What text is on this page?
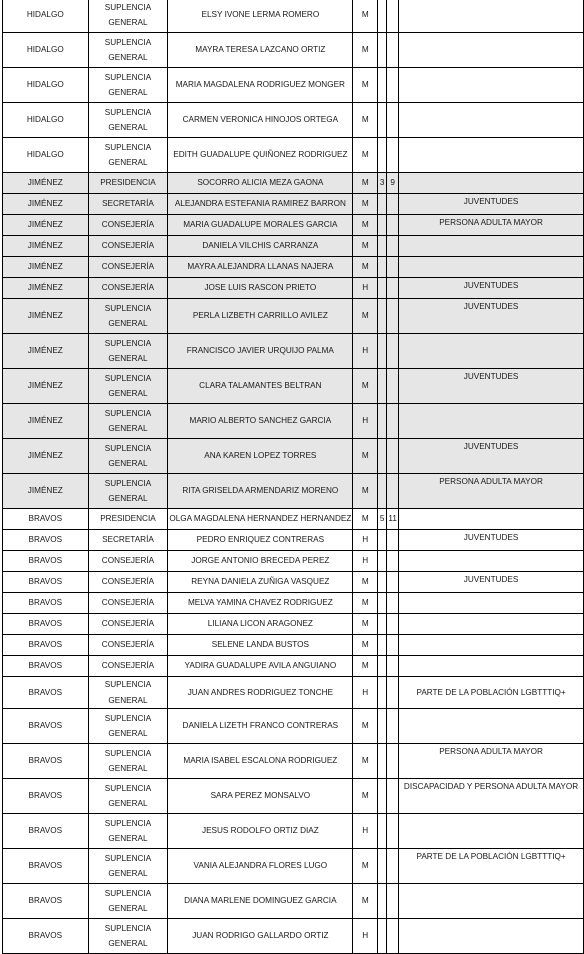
HIDALGO	SUPLENCIA GENERAL	ELSY IVONE LERMA ROMERO	M			
HIDALGO	SUPLENCIA GENERAL	MAYRA TERESA LAZCANO ORTIZ	M			
HIDALGO	SUPLENCIA GENERAL	MARIA MAGDALENA RODRIGUEZ MONGER	M			
HIDALGO	SUPLENCIA GENERAL	CARMEN VERONICA HINOJOS ORTEGA	M			
HIDALGO	SUPLENCIA GENERAL	EDITH GUADALUPE QUIÑONEZ RODRIGUEZ	M			
JIMÉNEZ	PRESIDENCIA	SOCORRO ALICIA MEZA GAONA	M	3	9	
JIMÉNEZ	SECRETARÍA	ALEJANDRA ESTEFANIA RAMIREZ BARRON	M			JUVENTUDES
JIMÉNEZ	CONSEJERÍA	MARIA GUADALUPE MORALES GARCIA	M			PERSONA ADULTA MAYOR
JIMÉNEZ	CONSEJERÍA	DANIELA VILCHIS CARRANZA	M			
JIMÉNEZ	CONSEJERÍA	MAYRA ALEJANDRA LLANAS NAJERA	M			
JIMÉNEZ	CONSEJERÍA	JOSE LUIS RASCON PRIETO	H			JUVENTUDES
JIMÉNEZ	SUPLENCIA GENERAL	PERLA LIZBETH CARRILLO AVILEZ	M			JUVENTUDES
JIMÉNEZ	SUPLENCIA GENERAL	FRANCISCO JAVIER URQUIJO PALMA	H			
JIMÉNEZ	SUPLENCIA GENERAL	CLARA TALAMANTES BELTRAN	M			JUVENTUDES
JIMÉNEZ	SUPLENCIA GENERAL	MARIO ALBERTO SANCHEZ GARCIA	H			
JIMÉNEZ	SUPLENCIA GENERAL	ANA KAREN LOPEZ TORRES	M			JUVENTUDES
JIMÉNEZ	SUPLENCIA GENERAL	RITA GRISELDA ARMENDARIZ MORENO	M			PERSONA ADULTA MAYOR
BRAVOS	PRESIDENCIA	OLGA MAGDALENA HERNANDEZ HERNANDEZ	M	5	11	
BRAVOS	SECRETARÍA	PEDRO ENRIQUEZ CONTRERAS	H			JUVENTUDES
BRAVOS	CONSEJERÍA	JORGE ANTONIO BRECEDA PEREZ	H			
BRAVOS	CONSEJERÍA	REYNA DANIELA ZUÑIGA VASQUEZ	M			JUVENTUDES
BRAVOS	CONSEJERÍA	MELVA YAMINA CHAVEZ RODRIGUEZ	M			
BRAVOS	CONSEJERÍA	LILIANA LICON ARAGONEZ	M			
BRAVOS	CONSEJERÍA	SELENE LANDA BUSTOS	M			
BRAVOS	CONSEJERÍA	YADIRA GUADALUPE AVILA ANGUIANO	M			
BRAVOS	SUPLENCIA GENERAL	JUAN ANDRES RODRIGUEZ TONCHE	H			PARTE DE LA POBLACIÓN LGBTTTIQ+
BRAVOS	SUPLENCIA GENERAL	DANIELA LIZETH FRANCO CONTRERAS	M			
BRAVOS	SUPLENCIA GENERAL	MARIA ISABEL ESCALONA RODRIGUEZ	M			PERSONA ADULTA MAYOR
BRAVOS	SUPLENCIA GENERAL	SARA PEREZ MONSALVO	M			DISCAPACIDAD Y PERSONA ADULTA MAYOR
BRAVOS	SUPLENCIA GENERAL	JESUS RODOLFO ORTIZ DIAZ	H			
BRAVOS	SUPLENCIA GENERAL	VANIA ALEJANDRA FLORES LUGO	M			PARTE DE LA POBLACIÓN LGBTTTIQ+
BRAVOS	SUPLENCIA GENERAL	DIANA MARLENE DOMINGUEZ GARCIA	M			
BRAVOS	SUPLENCIA GENERAL	JUAN RODRIGO GALLARDO ORTIZ	H			
